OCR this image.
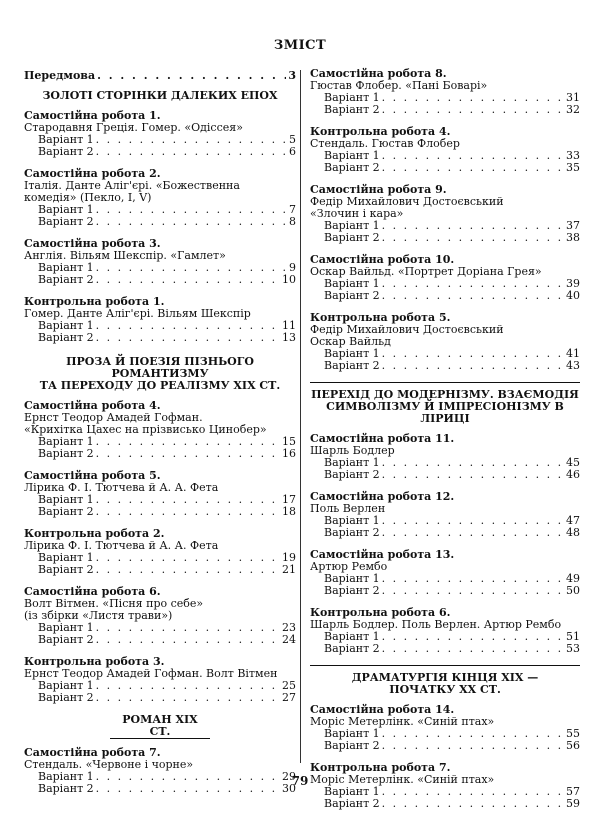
ЗМІСТ
Передмова . . .	3
ЗОЛОТІ СТОРІНКИ ДАЛЕКИХ ЕПОХ
Самостійна робота 1.
Стародавня Греція. Гомер. «Одіссея»
Варіант 1 . . .	5
Варіант 2 . . .	6
Самостійна робота 2.
Італія. Данте Аліг'єрі. «Божественна
комедія» (Пекло, І, V)
Варіант 1 . . .	7
Варіант 2 . . .	8
Самостійна робота 3.
Англія. Вільям Шекспір. «Гамлет»
Варіант 1 . . .	9
Варіант 2 . . .	10
Контрольна робота 1.
Гомер. Данте Аліг'єрі. Вільям Шекспір
Варіант 1 . . .	11
Варіант 2 . . .	13
ПРОЗА Й ПОЕЗІЯ ПІЗНЬОГО РОМАНТИЗМУ
ТА ПЕРЕХОДУ ДО РЕАЛІЗМУ XIX СТ.
Самостійна робота 4.
Ернст Теодор Амадей Гофман.
«Крихітка Цахес на прізвисько Цинобер»
Варіант 1 . . .	15
Варіант 2 . . .	16
Самостійна робота 5.
Лірика Ф. І. Тютчева й А. А. Фета
Варіант 1 . . .	17
Варіант 2 . . .	18
Контрольна робота 2.
Лірика Ф. І. Тютчева й А. А. Фета
Варіант 1 . . .	19
Варіант 2 . . .	21
Самостійна робота 6.
Волт Вітмен. «Пісня про себе»
(із збірки «Листя трави»)
Варіант 1 . . .	23
Варіант 2 . . .	24
Контрольна робота 3.
Ернст Теодор Амадей Гофман. Волт Вітмен
Варіант 1 . . .	25
Варіант 2 . . .	27
РОМАН XIX СТ.
Самостійна робота 7.
Стендаль. «Червоне і чорне»
Варіант 1 . . .	29
Варіант 2 . . .	30
Самостійна робота 8.
Гюстав Флобер. «Пані Боварі»
Варіант 1 . . .	31
Варіант 2 . . .	32
Контрольна робота 4.
Стендаль. Гюстав Флобер
Варіант 1 . . .	33
Варіант 2 . . .	35
Самостійна робота 9.
Федір Михайлович Достоєвський
«Злочин і кара»
Варіант 1 . . .	37
Варіант 2 . . .	38
Самостійна робота 10.
Оскар Вайльд. «Портрет Доріана Грея»
Варіант 1 . . .	39
Варіант 2 . . .	40
Контрольна робота 5.
Федір Михайлович Достоєвський
Оскар Вайльд
Варіант 1 . . .	41
Варіант 2 . . .	43
ПЕРЕХІД ДО МОДЕРНІЗМУ. ВЗАЄМОДІЯ
СИМВОЛІЗМУ Й ІМПРЕСІОНІЗМУ В ЛІРИЦІ
Самостійна робота 11.
Шарль Бодлер
Варіант 1 . . .	45
Варіант 2 . . .	46
Самостійна робота 12.
Поль Верлен
Варіант 1 . . .	47
Варіант 2 . . .	48
Самостійна робота 13.
Артюр Рембо
Варіант 1 . . .	49
Варіант 2 . . .	50
Контрольна робота 6.
Шарль Бодлер. Поль Верлен. Артюр Рембо
Варіант 1 . . .	51
Варіант 2 . . .	53
ДРАМАТУРГІЯ КІНЦЯ XIX —
ПОЧАТКУ XX СТ.
Самостійна робота 14.
Моріс Метерлінк. «Синій птах»
Варіант 1 . . .	55
Варіант 2 . . .	56
Контрольна робота 7.
Моріс Метерлінк. «Синій птах»
Варіант 1 . . .	57
Варіант 2 . . .	59
79
